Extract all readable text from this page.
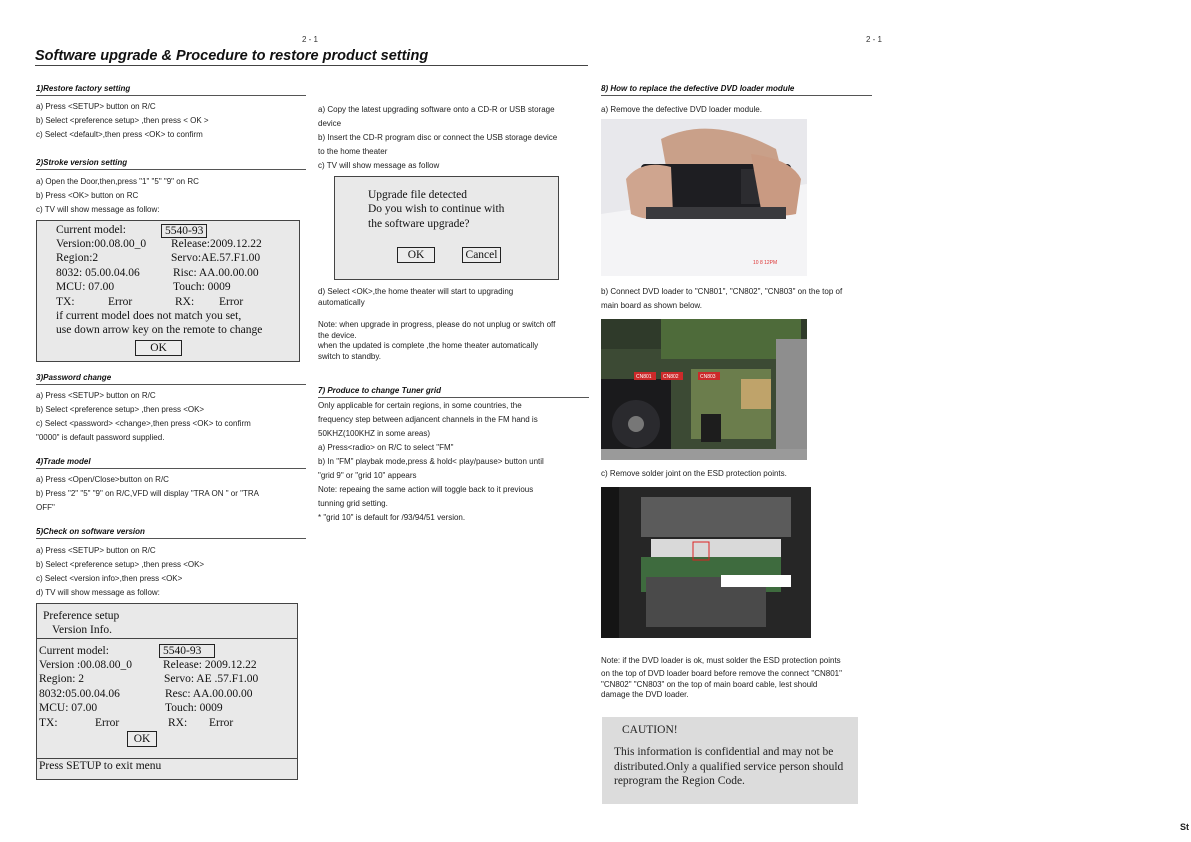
2 - 1	2 - 1
Software upgrade & Procedure to restore product setting
St
1)Restore factory setting

a) Press <SETUP> button on R/C

b) Select <preference setup> ,then press < OK >

c) Select <default>,then press <OK> to confirm

2)Stroke version setting

a) Open the Door,then,press "1" "5" "9" on RC

b) Press <OK> button on RC

c) TV will show message as follow:

Current model:	5540-93
Version:00.08.00_0 Release:2009.12.22
Region:2	Servo:AE.57.F1.00
8032: 05.00.04.06	Risc: AA.00.00.00
MCU: 07.00	Touch: 0009
TX:	Error	RX: Error
if current model does not match you set,
use down arrow key on the remote to change
OK
3)Password change

a) Press <SETUP> button on R/C

b) Select <preference setup> ,then press <OK>

c) Select <password> <change>,then press <OK> to confirm

"0000" is default password supplied.

4)Trade model

a) Press <Open/Close>button on R/C

b) Press "2" "5" "9" on R/C,VFD will display "TRA ON " or "TRA

OFF"

5)Check on software version

a) Press <SETUP> button on R/C

b) Select <preference setup> ,then press <OK>

c) Select <version info>,then press <OK>

d) TV will show message as follow:

Preference setup
Version Info.
Current model:	5540-93
Version :00.08.00_0	Release: 2009.12.22
Region: 2	Servo: AE .57.F1.00
8032:05.00.04.06	Resc: AA.00.00.00
MCU: 07.00	Touch: 0009
TX:	Error	RX: Error
OK
Press SETUP to exit menu

a) Copy the latest upgrading software onto a CD-R or USB storage

device

b) Insert the CD-R program disc or connect the USB storage device

to the home theater

c) TV will show message as follow

Upgrade file detected
Do you wish to continue with
the software upgrade?
OK	Cancel

d) Select <OK>,the home theater will start to upgrading

automatically

Note: when upgrade in progress, please do not unplug or switch off

the device.

when the updated is complete ,the home theater automatically

switch to standby.

7) Produce to change Tuner grid

Only applicable for certain regions, in some countries, the

frequency step between adjancent channels in the FM hand is

50KHZ(100KHZ in some areas)

a) Press<radio> on R/C to select "FM"

b) In "FM" playbak mode,press & hold< play/pause> button until

"grid 9" or "grid 10" appears

Note: repeaing the same action will toggle back to it previous

tunning grid setting.

* "grid 10" is default for /93/94/51 version.

8) How to replace the defective DVD loader module
a) Remove the defective DVD loader module.
10 8 12PM

b) Connect DVD loader to "CN801", "CN802", "CN803" on the top of

main board as shown below.

CN801 CN802	CN803
c) Remove solder joint on the ESD protection points.

Note: if the DVD loader is ok, must solder the ESD protection points

on the top of DVD loader board before remove the connect "CN801"

"CN802" "CN803" on the top of main board cable, lest should

damage the DVD loader.

CAUTION!
This information is confidential and may not be
distributed.Only a qualified service person should
reprogram the Region Code.
